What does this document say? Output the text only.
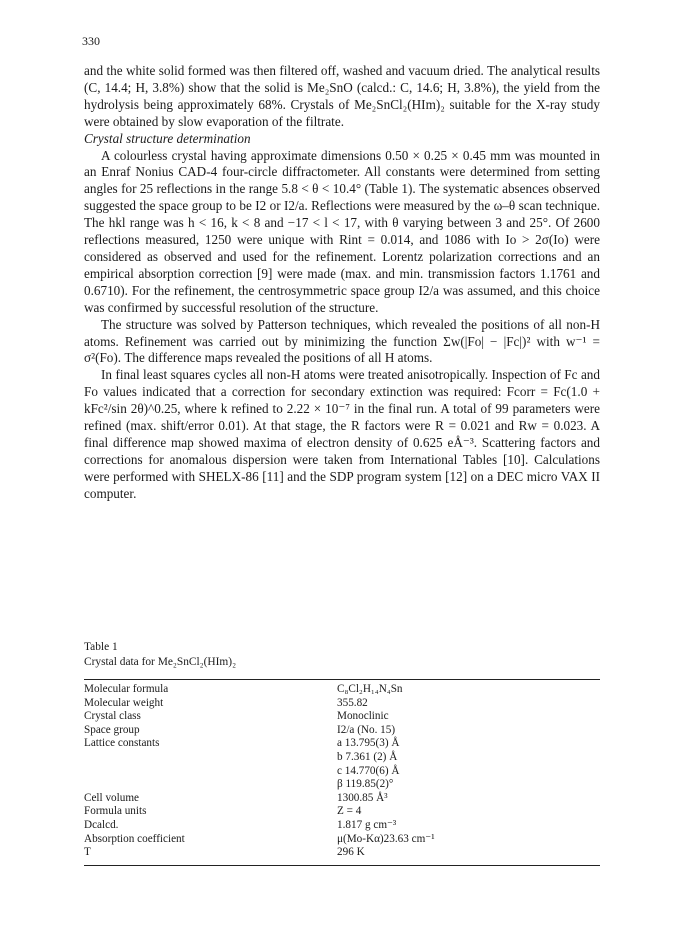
330

and the white solid formed was then filtered off, washed and vacuum dried. The analytical results (C, 14.4; H, 3.8%) show that the solid is Me₂SnO (calcd.: C, 14.6; H, 3.8%), the yield from the hydrolysis being approximately 68%. Crystals of Me₂SnCl₂(HIm)₂ suitable for the X-ray study were obtained by slow evaporation of the filtrate.

Crystal structure determination

A colourless crystal having approximate dimensions 0.50 × 0.25 × 0.45 mm was mounted in an Enraf Nonius CAD-4 four-circle diffractometer. All constants were determined from setting angles for 25 reflections in the range 5.8 < θ < 10.4° (Table 1). The systematic absences observed suggested the space group to be I2 or I2/a. Reflections were measured by the ω–θ scan technique. The hkl range was h < 16, k < 8 and −17 < l < 17, with θ varying between 3 and 25°. Of 2600 reflections measured, 1250 were unique with Rint = 0.014, and 1086 with Io > 2σ(Io) were considered as observed and used for the refinement. Lorentz polarization corrections and an empirical absorption correction [9] were made (max. and min. transmission factors 1.1761 and 0.6710). For the refinement, the centrosymmetric space group I2/a was assumed, and this choice was confirmed by successful resolution of the structure.

The structure was solved by Patterson techniques, which revealed the positions of all non-H atoms. Refinement was carried out by minimizing the function Σw(|Fo| − |Fc|)² with w⁻¹ = σ²(Fo). The difference maps revealed the positions of all H atoms.

In final least squares cycles all non-H atoms were treated anisotropically. Inspection of Fc and Fo values indicated that a correction for secondary extinction was required: Fcorr = Fc(1.0 + kFc²/sin 2θ)^0.25, where k refined to 2.22 × 10⁻⁷ in the final run. A total of 99 parameters were refined (max. shift/error 0.01). At that stage, the R factors were R = 0.021 and Rw = 0.023. A final difference map showed maxima of electron density of 0.625 eÅ⁻³. Scattering factors and corrections for anomalous dispersion were taken from International Tables [10]. Calculations were performed with SHELX-86 [11] and the SDP program system [12] on a DEC micro VAX II computer.

Table 1
Crystal data for Me₂SnCl₂(HIm)₂
Molecular formula	C₈Cl₂H₁₄N₄Sn
Molecular weight	355.82
Crystal class	Monoclinic
Space group	I2/a (No. 15)
Lattice constants	a 13.795(3) Å
b 7.361 (2) Å
c 14.770(6) Å
β 119.85(2)°
Cell volume	1300.85 Å³
Formula units	Z = 4
Dcalcd.	1.817 g cm⁻³
Absorption coefficient	μ(Mo-Kα)23.63 cm⁻¹
T	296 K
